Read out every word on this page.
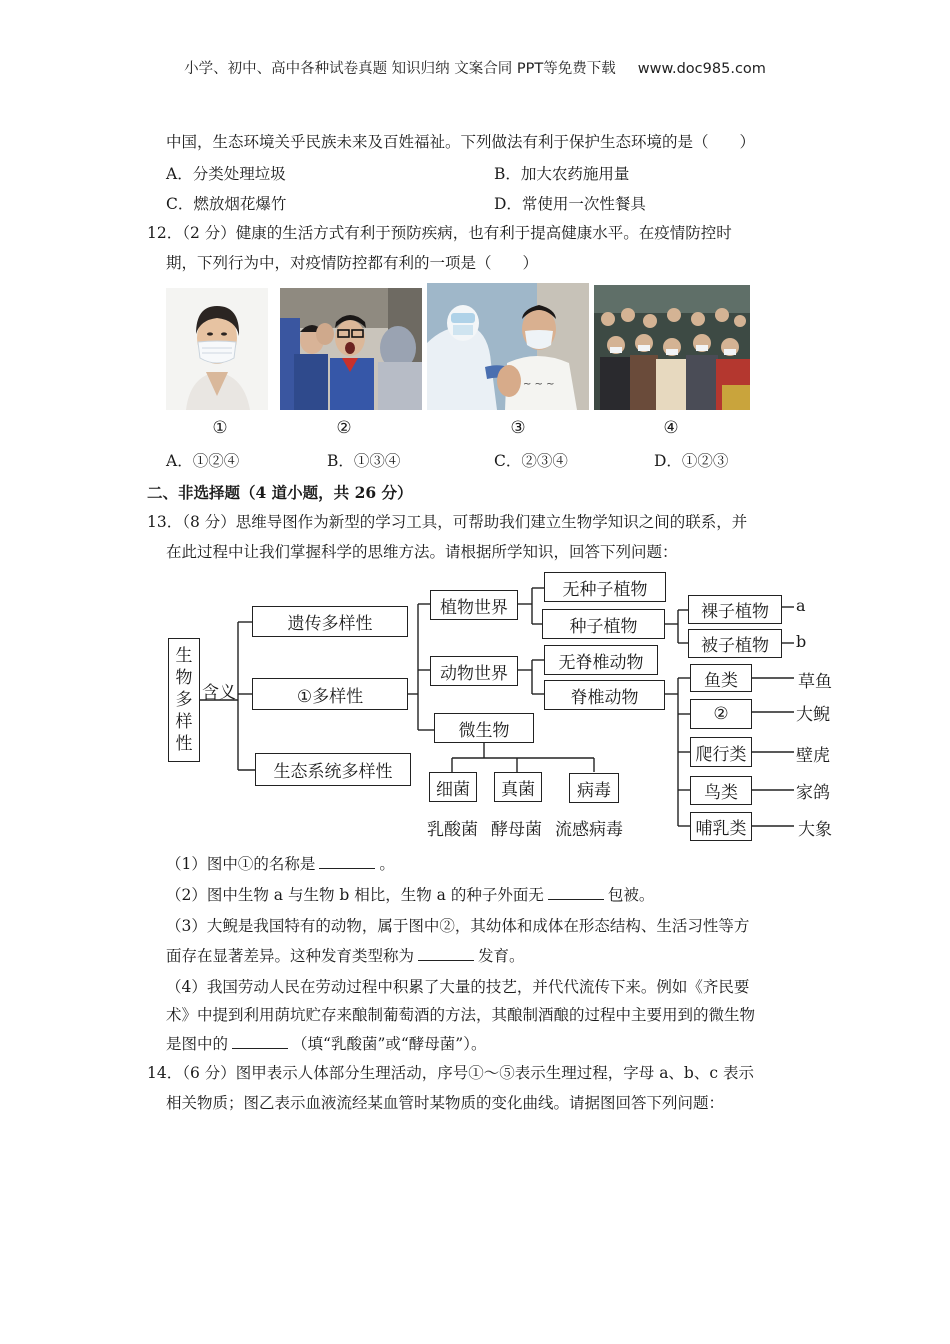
小学、初中、高中各种试卷真题 知识归纳 文案合同 PPT等免费下载 www.doc985.com
中国，生态环境关乎民族未来及百姓福祉。下列做法有利于保护生态环境的是（　　）
A．分类处理垃圾	B．加大农药施用量
C．燃放烟花爆竹	D．常使用一次性餐具
12．（2 分）健康的生活方式有利于预防疾病，也有利于提高健康水平。在疫情防控时
期，下列行为中，对疫情防控都有利的一项是（　　）
~ ~ ~
①	②	③	④
A．①②④	B．①③④	C．②③④	D．①②③
二、非选择题（4 道小题，共 26 分）
13．（8 分）思维导图作为新型的学习工具，可帮助我们建立生物学知识之间的联系，并
在此过程中让我们掌握科学的思维方法。请根据所学知识，回答下列问题：
生
物
多
样
性
含义
遗传多样性
①多样性
生态系统多样性
植物世界
动物世界
微生物
无种子植物
种子植物
裸子植物
被子植物
a
b
无脊椎动物
脊椎动物
鱼类
②
爬行类
鸟类
哺乳类
草鱼
大鲵
壁虎
家鸽
大象
细菌	真菌	病毒
乳酸菌 酵母菌 流感病毒
（1）图中①的名称是	。
（2）图中生物 a 与生物 b 相比，生物 a 的种子外面无	包被。
（3）大鲵是我国特有的动物，属于图中②，其幼体和成体在形态结构、生活习性等方
面存在显著差异。这种发育类型称为	发育。
（4）我国劳动人民在劳动过程中积累了大量的技艺，并代代流传下来。例如《齐民要
术》中提到利用荫坑贮存来酿制葡萄酒的方法，其酿制酒酿的过程中主要用到的微生物
是图中的	（填“乳酸菌”或“酵母菌”）。
14．（6 分）图甲表示人体部分生理活动，序号①～⑤表示生理过程，字母 a、b、c 表示
相关物质；图乙表示血液流经某血管时某物质的变化曲线。请据图回答下列问题：
